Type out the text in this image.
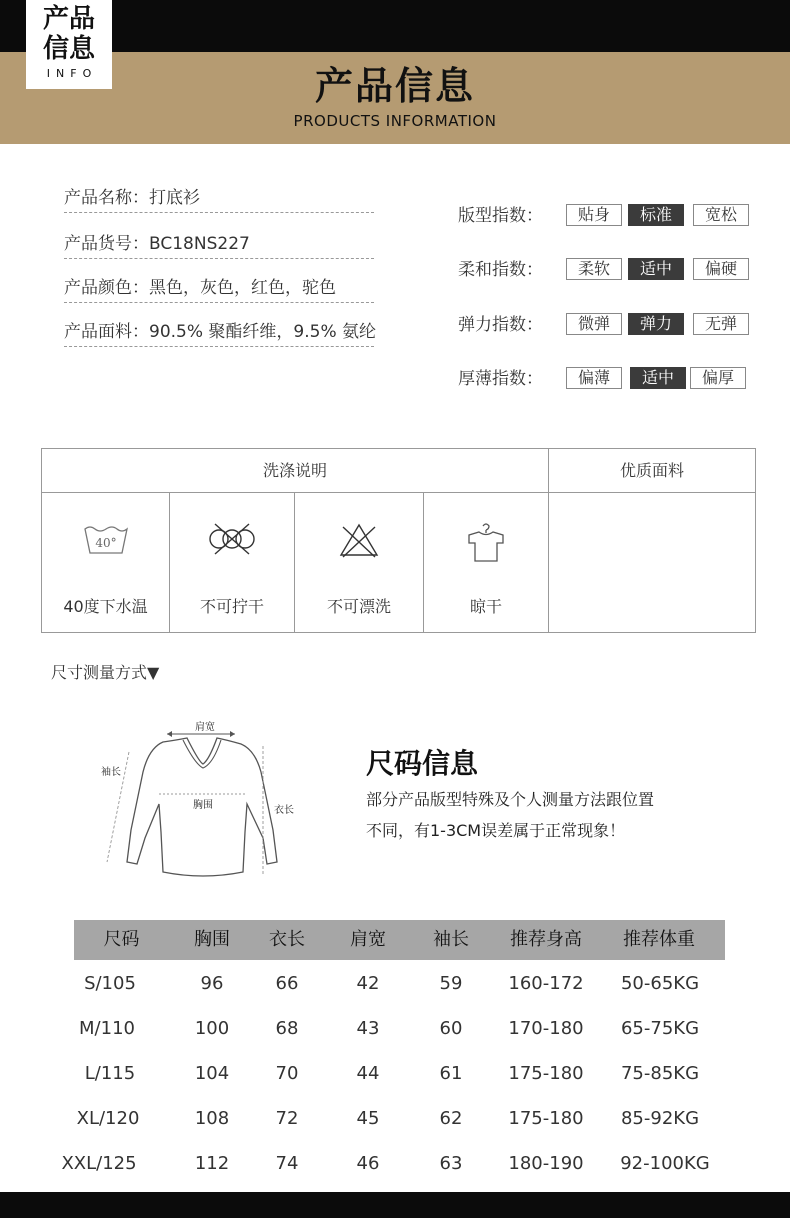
产品
信息
INFO	产品信息
PRODUCTS INFORMATION
产品名称：打底衫
产品货号：BC18NS227
产品颜色：黑色，灰色，红色，驼色
产品面料：90.5% 聚酯纤维，9.5% 氨纶
版型指数：	贴身	标准	宽松
柔和指数：	柔软	适中	偏硬
弹力指数：	微弹	弹力	无弹
厚薄指数：	偏薄	适中	偏厚
洗涤说明	优质面料
40°
40度下水温	不可拧干	不可漂洗	晾干
尺寸测量方式▼
肩宽
袖长
胸围	衣长
尺码信息
部分产品版型特殊及个人测量方法跟位置
不同，有1-3CM误差属于正常现象！
尺码	胸围	衣长	肩宽	袖长	推荐身高	推荐体重
S/105	96	66	42	59	160-172	50-65KG
M/110	100	68	43	60	170-180	65-75KG
L/115	104	70	44	61	175-180	75-85KG
XL/120	108	72	45	62	175-180	85-92KG
XXL/125	112	74	46	63	180-190	92-100KG
